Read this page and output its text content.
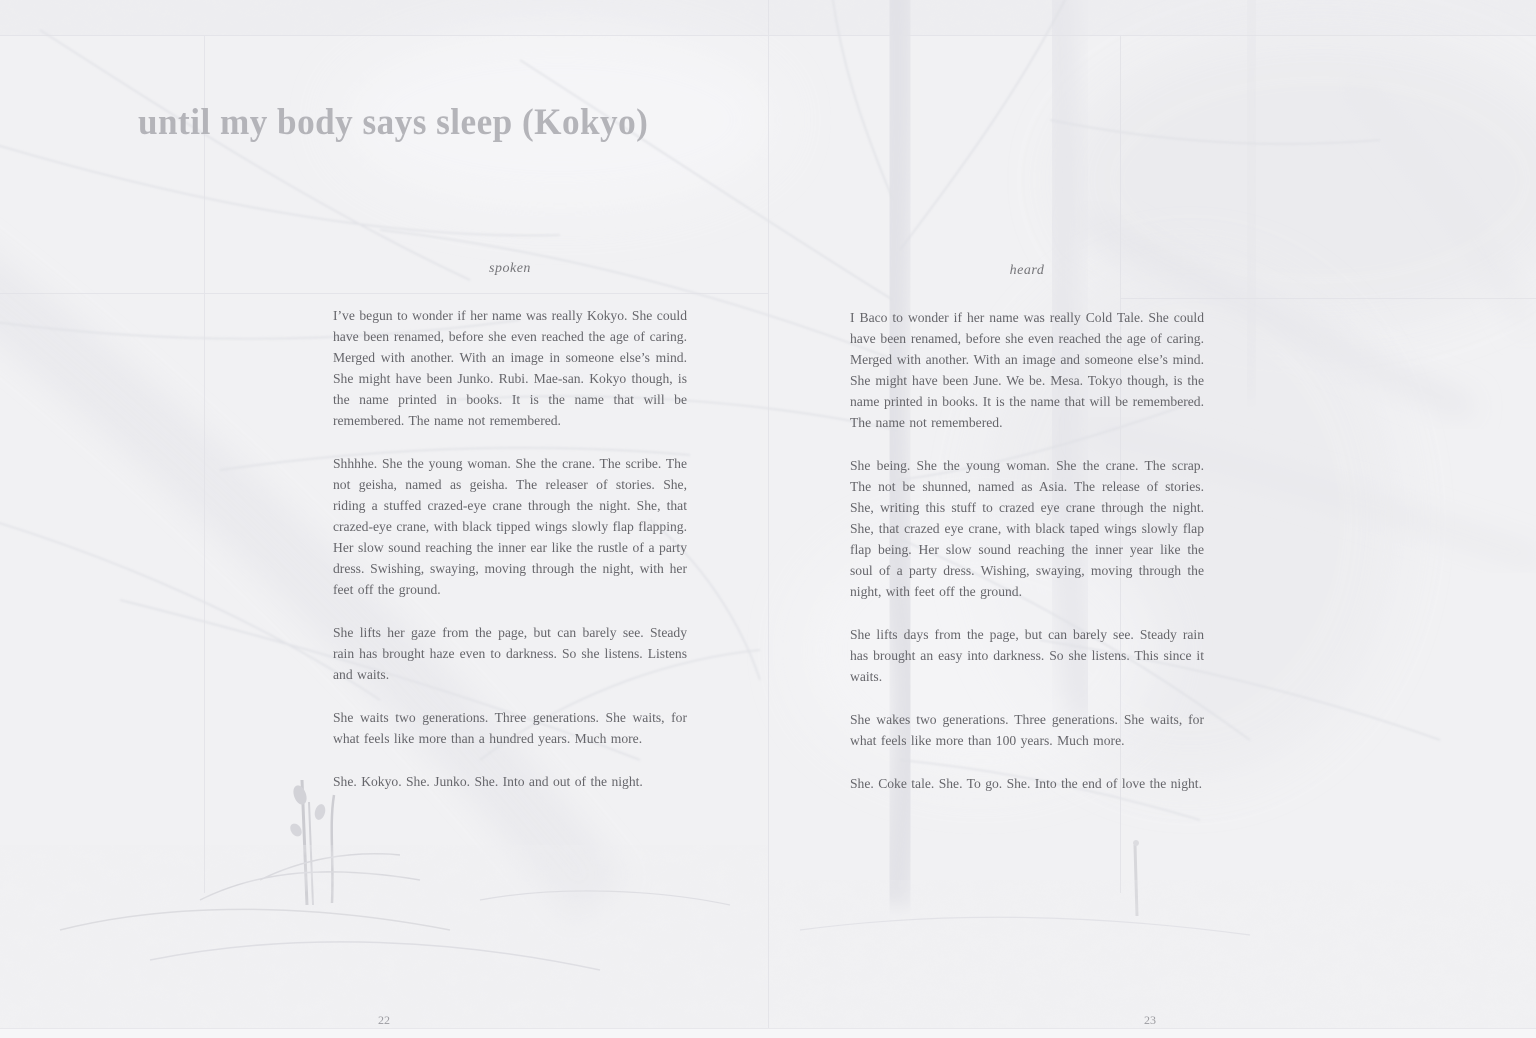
until my body says sleep (Kokyo)
spoken

I’ve begun to wonder if her name was really Kokyo. She could have been renamed, before she even reached the age of caring. Merged with another. With an image in someone else’s mind. She might have been Junko. Rubi. Mae-san. Kokyo though, is the name printed in books. It is the name that will be remembered. The name not remembered.

Shhhhe. She the young woman. She the crane. The scribe. The not geisha, named as geisha. The releaser of stories. She, riding a stuffed crazed-eye crane through the night. She, that crazed-eye crane, with black tipped wings slowly flap flapping. Her slow sound reaching the inner ear like the rustle of a party dress. Swishing, swaying, moving through the night, with her feet off the ground.

She lifts her gaze from the page, but can barely see. Steady rain has brought haze even to darkness. So she listens. Listens and waits.

She waits two generations. Three generations. She waits, for what feels like more than a hundred years. Much more.

She. Kokyo. She. Junko. She. Into and out of the night.

heard

I Baco to wonder if her name was really Cold Tale. She could have been renamed, before she even reached the age of caring. Merged with another. With an image and someone else’s mind. She might have been June. We be. Mesa. Tokyo though, is the name printed in books. It is the name that will be remembered. The name not remembered.

She being. She the young woman. She the crane. The scrap. The not be shunned, named as Asia. The release of stories. She, writing this stuff to crazed eye crane through the night. She, that crazed eye crane, with black taped wings slowly flap flap being. Her slow sound reaching the inner year like the soul of a party dress. Wishing, swaying, moving through the night, with feet off the ground.

She lifts days from the page, but can barely see. Steady rain has brought an easy into darkness. So she listens. This since it waits.

She wakes two generations. Three generations. She waits, for what feels like more than 100 years. Much more.

She. Coke tale. She. To go. She. Into the end of love the night.

22	23
